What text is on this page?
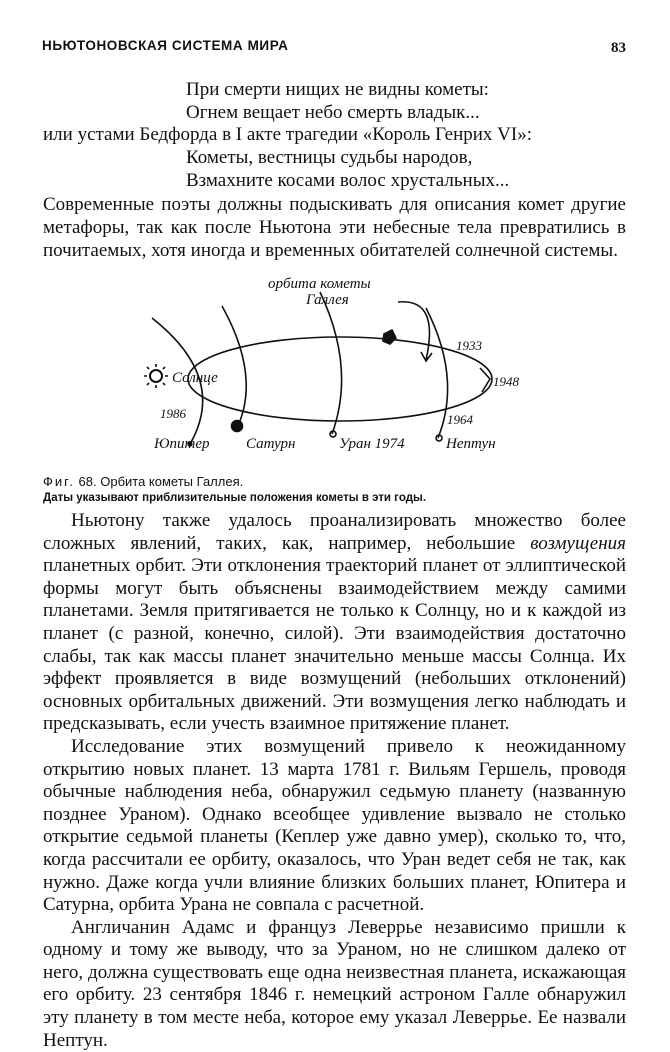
НЬЮТОНОВСКАЯ СИСТЕМА МИРА	83
При смерти нищих не видны кометы:
Огнем вещает небо смерть владык...
или устами Бедфорда в I акте трагедии «Король Генрих VI»:
Кометы, вестницы судьбы народов,
Взмахните косами волос хрустальных...

Современные поэты должны подыскивать для описания комет другие метафоры, так как после Ньютона эти небесные тела превратились в почитаемых, хотя иногда и временных обитателей солнечной системы.

орбита кометы
Галлея
Солнце
1986
1933
1948
1964
Юпитер Сатурн	Уран 1974	Нептун
Фиг. 68. Орбита кометы Галлея.
Даты указывают приблизительные положения кометы в эти годы.

Ньютону также удалось проанализировать множество более сложных явлений, таких, как, например, небольшие возмущения планетных орбит. Эти отклонения траекторий планет от эллиптической формы могут быть объяснены взаимодействием между самими планетами. Земля притягивается не только к Солнцу, но и к каждой из планет (с разной, конечно, силой). Эти взаимодействия достаточно слабы, так как массы планет значительно меньше массы Солнца. Их эффект проявляется в виде возмущений (небольших отклонений) основных орбитальных движений. Эти возмущения легко наблюдать и предсказывать, если учесть взаимное притяжение планет.

Исследование этих возмущений привело к неожиданному открытию новых планет. 13 марта 1781 г. Вильям Гершель, проводя обычные наблюдения неба, обнаружил седьмую планету (названную позднее Ураном). Однако всеобщее удивление вызвало не столько открытие седьмой планеты (Кеплер уже давно умер), сколько то, что, когда рассчитали ее орбиту, оказалось, что Уран ведет себя не так, как нужно. Даже когда учли влияние близких больших планет, Юпитера и Сатурна, орбита Урана не совпала с расчетной.

Англичанин Адамс и француз Леверрье независимо пришли к одному и тому же выводу, что за Ураном, но не слишком далеко от него, должна существовать еще одна неизвестная планета, искажающая его орбиту. 23 сентября 1846 г. немецкий астроном Галле обнаружил эту планету в том месте неба, которое ему указал Леверрье. Ее назвали Нептун.
